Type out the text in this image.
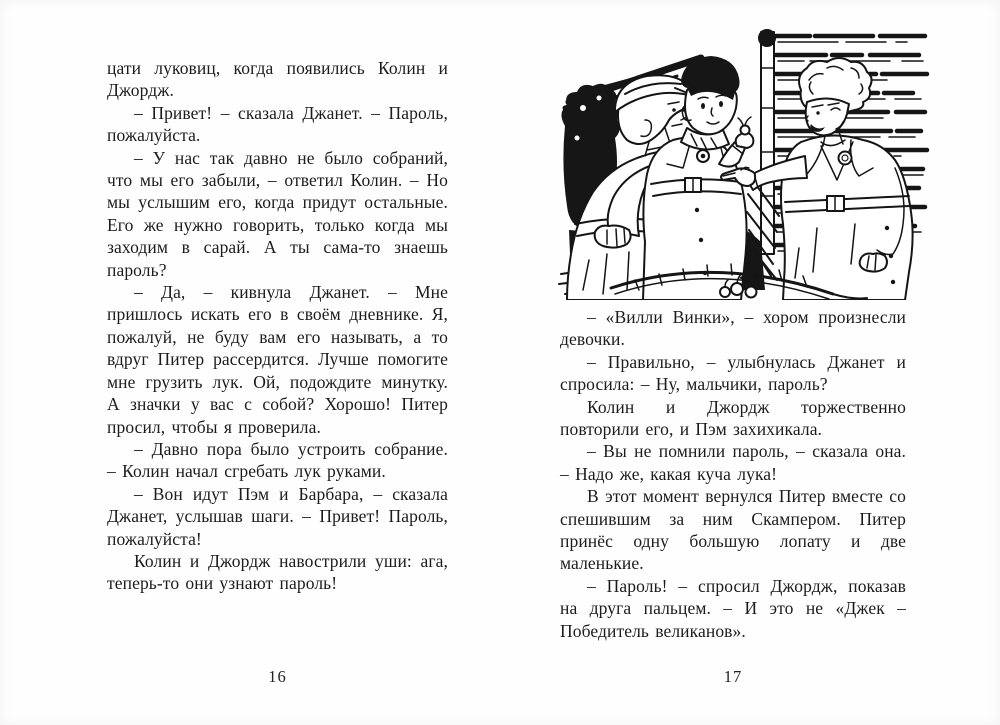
цати луковиц, когда появились Колин и Джордж.

– Привет! – сказала Джанет. – Пароль, пожалуйста.

– У нас так давно не было собраний, что мы его забыли, – ответил Колин. – Но мы услышим его, когда придут остальные. Его же нужно говорить, только когда мы заходим в сарай. А ты сама-то знаешь пароль?

– Да, – кивнула Джанет. – Мне пришлось искать его в своём дневнике. Я, пожалуй, не буду вам его называть, а то вдруг Питер рассердится. Лучше помогите мне грузить лук. Ой, подождите минутку. А значки у вас с собой? Хорошо! Питер просил, чтобы я проверила.

– Давно пора было устроить собрание. – Колин начал сгребать лук руками.

– Вон идут Пэм и Барбара, – сказала Джанет, услышав шаги. – Привет! Пароль, пожалуйста!

Колин и Джордж навострили уши: ага, теперь-то они узнают пароль!

– «Вилли Винки», – хором произнесли девочки.

– Правильно, – улыбнулась Джанет и спросила: – Ну, мальчики, пароль?

Колин и Джордж торжественно повторили его, и Пэм захихикала.

– Вы не помнили пароль, – сказала она. – Надо же, какая куча лука!

В этот момент вернулся Питер вместе со спешившим за ним Скампером. Питер принёс одну большую лопату и две маленькие.

– Пароль! – спросил Джордж, показав на друга пальцем. – И это не «Джек – Победитель великанов».

16	17
